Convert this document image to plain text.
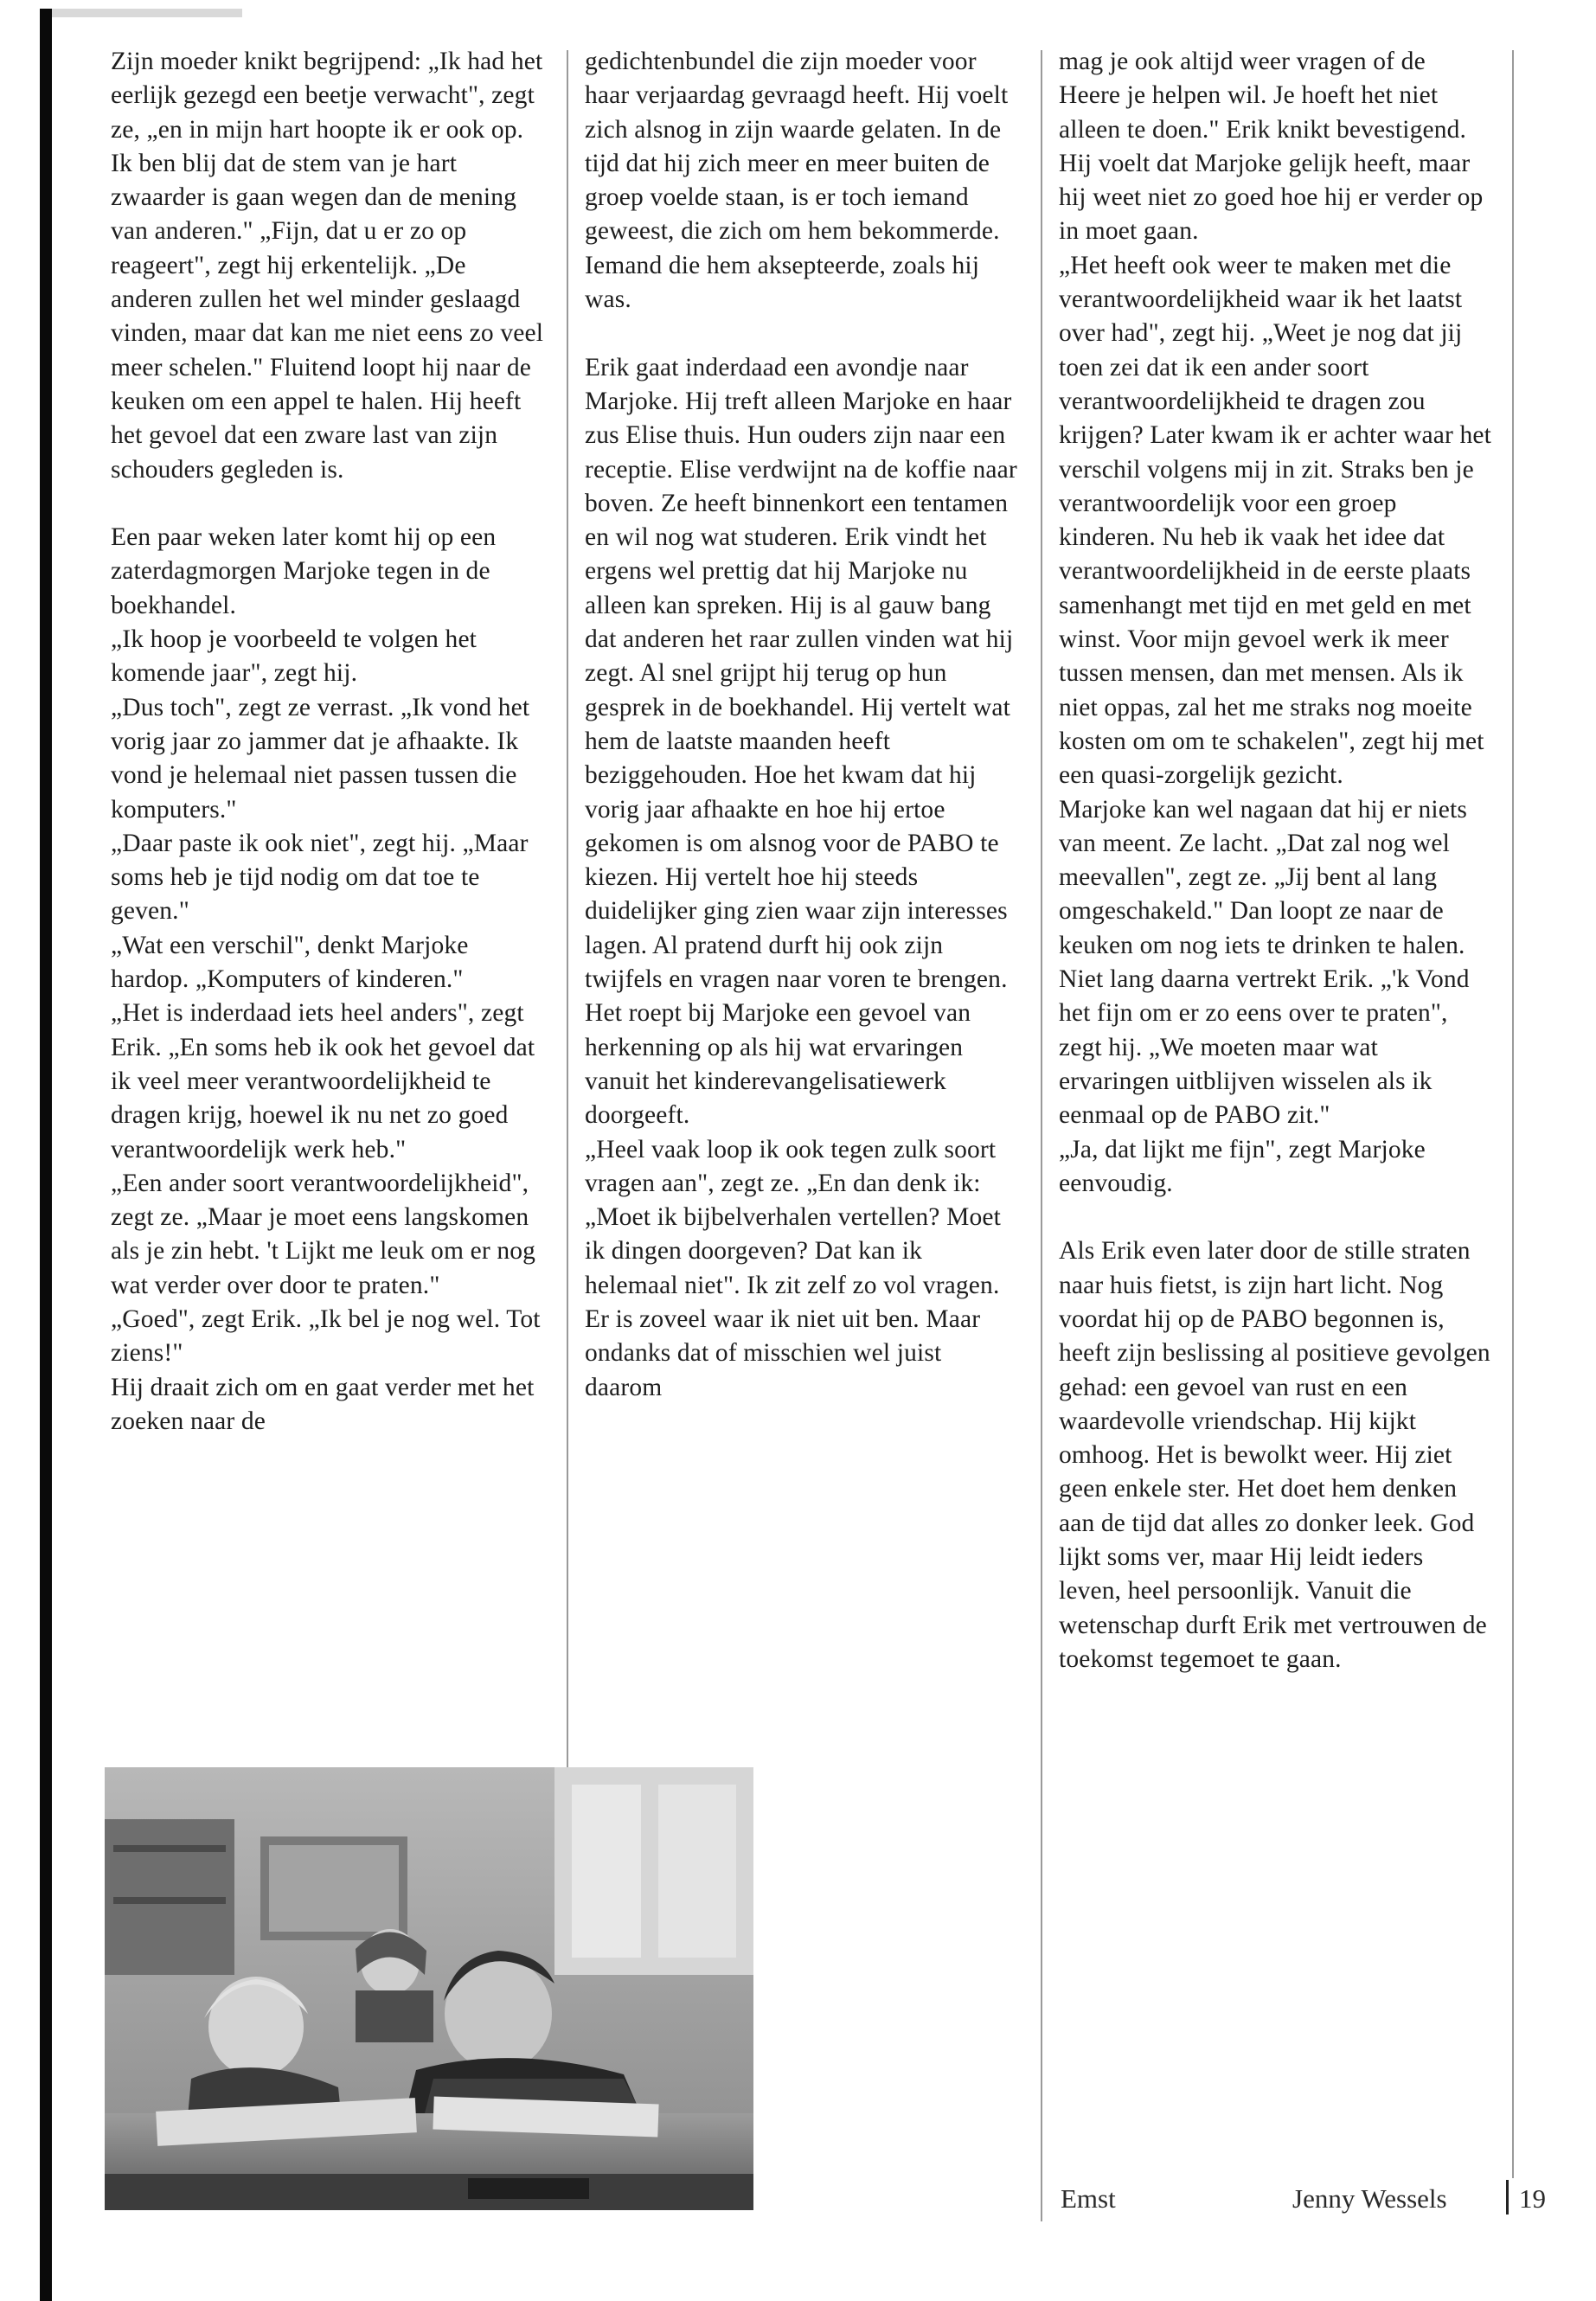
Zijn moeder knikt begrijpend: „Ik had het eerlijk gezegd een beetje verwacht", zegt ze, „en in mijn hart hoopte ik er ook op. Ik ben blij dat de stem van je hart zwaarder is gaan wegen dan de mening van anderen." „Fijn, dat u er zo op reageert", zegt hij erkentelijk. „De anderen zullen het wel minder geslaagd vinden, maar dat kan me niet eens zo veel meer schelen." Fluitend loopt hij naar de keuken om een appel te halen. Hij heeft het gevoel dat een zware last van zijn schouders gegleden is.

Een paar weken later komt hij op een zaterdagmorgen Marjoke tegen in de boekhandel.

„Ik hoop je voorbeeld te volgen het komende jaar", zegt hij.

„Dus toch", zegt ze verrast. „Ik vond het vorig jaar zo jammer dat je afhaakte. Ik vond je helemaal niet passen tussen die komputers."

„Daar paste ik ook niet", zegt hij. „Maar soms heb je tijd nodig om dat toe te geven."

„Wat een verschil", denkt Marjoke hardop. „Komputers of kinderen."

„Het is inderdaad iets heel anders", zegt Erik. „En soms heb ik ook het gevoel dat ik veel meer verantwoordelijkheid te dragen krijg, hoewel ik nu net zo goed verantwoordelijk werk heb."

„Een ander soort verantwoordelijkheid", zegt ze. „Maar je moet eens langskomen als je zin hebt. 't Lijkt me leuk om er nog wat verder over door te praten."

„Goed", zegt Erik. „Ik bel je nog wel. Tot ziens!"

Hij draait zich om en gaat verder met het zoeken naar de

gedichtenbundel die zijn moeder voor haar verjaardag gevraagd heeft. Hij voelt zich alsnog in zijn waarde gelaten. In de tijd dat hij zich meer en meer buiten de groep voelde staan, is er toch iemand geweest, die zich om hem bekommerde. Iemand die hem aksepteerde, zoals hij was.

Erik gaat inderdaad een avondje naar Marjoke. Hij treft alleen Marjoke en haar zus Elise thuis. Hun ouders zijn naar een receptie. Elise verdwijnt na de koffie naar boven. Ze heeft binnenkort een tentamen en wil nog wat studeren. Erik vindt het ergens wel prettig dat hij Marjoke nu alleen kan spreken. Hij is al gauw bang dat anderen het raar zullen vinden wat hij zegt. Al snel grijpt hij terug op hun gesprek in de boekhandel. Hij vertelt wat hem de laatste maanden heeft beziggehouden. Hoe het kwam dat hij vorig jaar afhaakte en hoe hij ertoe gekomen is om alsnog voor de PABO te kiezen. Hij vertelt hoe hij steeds duidelijker ging zien waar zijn interesses lagen. Al pratend durft hij ook zijn twijfels en vragen naar voren te brengen. Het roept bij Marjoke een gevoel van herkenning op als hij wat ervaringen vanuit het kinderevangelisatiewerk doorgeeft.

„Heel vaak loop ik ook tegen zulk soort vragen aan", zegt ze. „En dan denk ik: „Moet ik bijbelverhalen vertellen? Moet ik dingen doorgeven? Dat kan ik helemaal niet". Ik zit zelf zo vol vragen. Er is zoveel waar ik niet uit ben. Maar ondanks dat of misschien wel juist daarom

mag je ook altijd weer vragen of de Heere je helpen wil. Je hoeft het niet alleen te doen." Erik knikt bevestigend. Hij voelt dat Marjoke gelijk heeft, maar hij weet niet zo goed hoe hij er verder op in moet gaan.

„Het heeft ook weer te maken met die verantwoordelijkheid waar ik het laatst over had", zegt hij. „Weet je nog dat jij toen zei dat ik een ander soort verantwoordelijkheid te dragen zou krijgen? Later kwam ik er achter waar het verschil volgens mij in zit. Straks ben je verantwoordelijk voor een groep kinderen. Nu heb ik vaak het idee dat verantwoordelijkheid in de eerste plaats samenhangt met tijd en met geld en met winst. Voor mijn gevoel werk ik meer tussen mensen, dan met mensen. Als ik niet oppas, zal het me straks nog moeite kosten om om te schakelen", zegt hij met een quasi-zorgelijk gezicht.

Marjoke kan wel nagaan dat hij er niets van meent. Ze lacht. „Dat zal nog wel meevallen", zegt ze. „Jij bent al lang omgeschakeld." Dan loopt ze naar de keuken om nog iets te drinken te halen.

Niet lang daarna vertrekt Erik. „'k Vond het fijn om er zo eens over te praten", zegt hij. „We moeten maar wat ervaringen uitblijven wisselen als ik eenmaal op de PABO zit."

„Ja, dat lijkt me fijn", zegt Marjoke eenvoudig.

Als Erik even later door de stille straten naar huis fietst, is zijn hart licht. Nog voordat hij op de PABO begonnen is, heeft zijn beslissing al positieve gevolgen gehad: een gevoel van rust en een waardevolle vriendschap. Hij kijkt omhoog. Het is bewolkt weer. Hij ziet geen enkele ster. Het doet hem denken aan de tijd dat alles zo donker leek. God lijkt soms ver, maar Hij leidt ieders leven, heel persoonlijk. Vanuit die wetenschap durft Erik met vertrouwen de toekomst tegemoet te gaan.

Emst	Jenny Wessels	19
